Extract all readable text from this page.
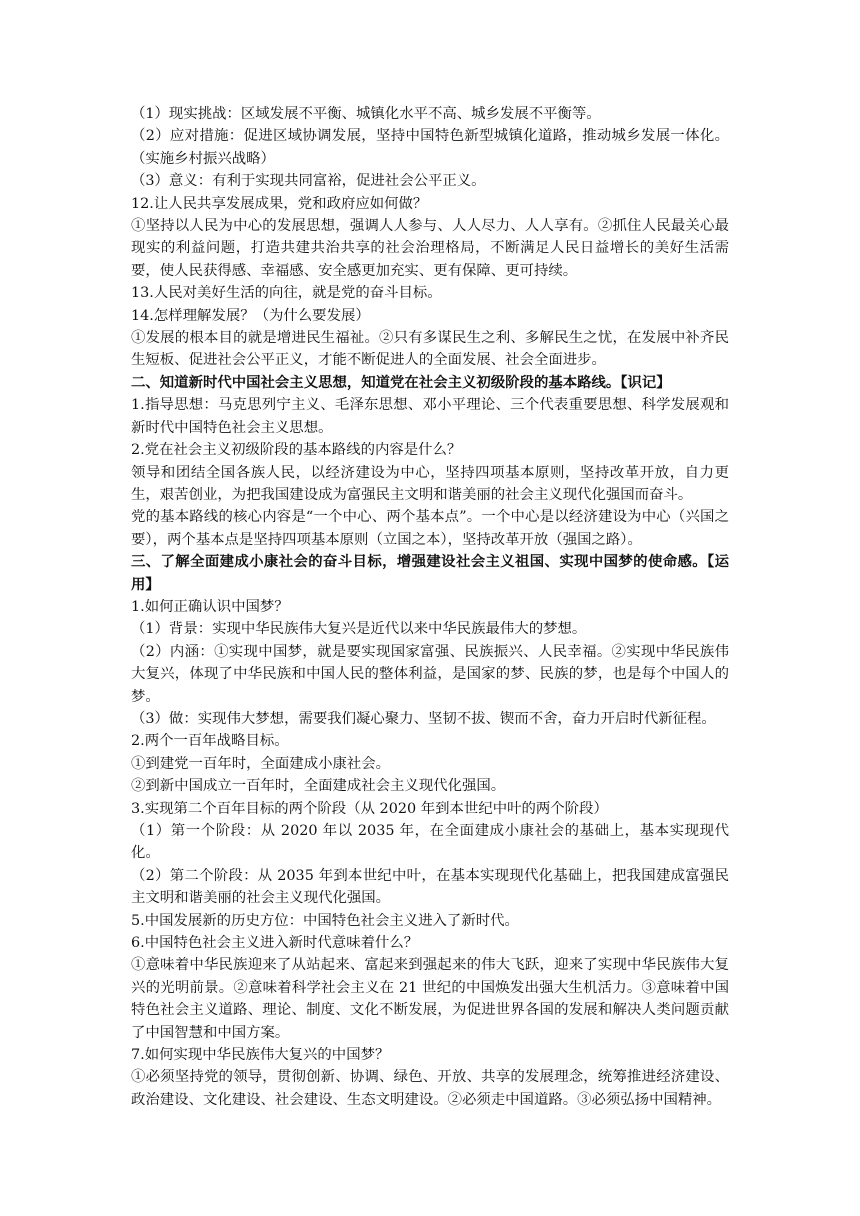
（1）现实挑战：区域发展不平衡、城镇化水平不高、城乡发展不平衡等。

（2）应对措施：促进区域协调发展，坚持中国特色新型城镇化道路，推动城乡发展一体化。（实施乡村振兴战略）

（3）意义：有利于实现共同富裕，促进社会公平正义。

12.让人民共享发展成果，党和政府应如何做？

①坚持以人民为中心的发展思想，强调人人参与、人人尽力、人人享有。②抓住人民最关心最现实的利益问题，打造共建共治共享的社会治理格局，不断满足人民日益增长的美好生活需要，使人民获得感、幸福感、安全感更加充实、更有保障、更可持续。

13.人民对美好生活的向往，就是党的奋斗目标。

14.怎样理解发展？（为什么要发展）

①发展的根本目的就是增进民生福祉。②只有多谋民生之利、多解民生之忧，在发展中补齐民生短板、促进社会公平正义，才能不断促进人的全面发展、社会全面进步。

二、知道新时代中国社会主义思想，知道党在社会主义初级阶段的基本路线。【识记】

1.指导思想：马克思列宁主义、毛泽东思想、邓小平理论、三个代表重要思想、科学发展观和新时代中国特色社会主义思想。

2.党在社会主义初级阶段的基本路线的内容是什么？

领导和团结全国各族人民，以经济建设为中心，坚持四项基本原则，坚持改革开放，自力更生，艰苦创业，为把我国建设成为富强民主文明和谐美丽的社会主义现代化强国而奋斗。

党的基本路线的核心内容是“一个中心、两个基本点”。一个中心是以经济建设为中心（兴国之要），两个基本点是坚持四项基本原则（立国之本），坚持改革开放（强国之路）。

三、了解全面建成小康社会的奋斗目标，增强建设社会主义祖国、实现中国梦的使命感。【运用】

1.如何正确认识中国梦？

（1）背景：实现中华民族伟大复兴是近代以来中华民族最伟大的梦想。

（2）内涵：①实现中国梦，就是要实现国家富强、民族振兴、人民幸福。②实现中华民族伟大复兴，体现了中华民族和中国人民的整体利益，是国家的梦、民族的梦，也是每个中国人的梦。

（3）做：实现伟大梦想，需要我们凝心聚力、坚韧不拔、锲而不舍，奋力开启时代新征程。

2.两个一百年战略目标。

①到建党一百年时，全面建成小康社会。

②到新中国成立一百年时，全面建成社会主义现代化强国。

3.实现第二个百年目标的两个阶段（从 2020 年到本世纪中叶的两个阶段）

（1）第一个阶段：从 2020 年以 2035 年，在全面建成小康社会的基础上，基本实现现代化。

（2）第二个阶段：从 2035 年到本世纪中叶，在基本实现现代化基础上，把我国建成富强民主文明和谐美丽的社会主义现代化强国。

5.中国发展新的历史方位：中国特色社会主义进入了新时代。

6.中国特色社会主义进入新时代意味着什么？

①意味着中华民族迎来了从站起来、富起来到强起来的伟大飞跃，迎来了实现中华民族伟大复兴的光明前景。②意味着科学社会主义在 21 世纪的中国焕发出强大生机活力。③意味着中国特色社会主义道路、理论、制度、文化不断发展，为促进世界各国的发展和解决人类问题贡献了中国智慧和中国方案。

7.如何实现中华民族伟大复兴的中国梦？

①必须坚持党的领导，贯彻创新、协调、绿色、开放、共享的发展理念，统筹推进经济建设、政治建设、文化建设、社会建设、生态文明建设。②必须走中国道路。③必须弘扬中国精神。
